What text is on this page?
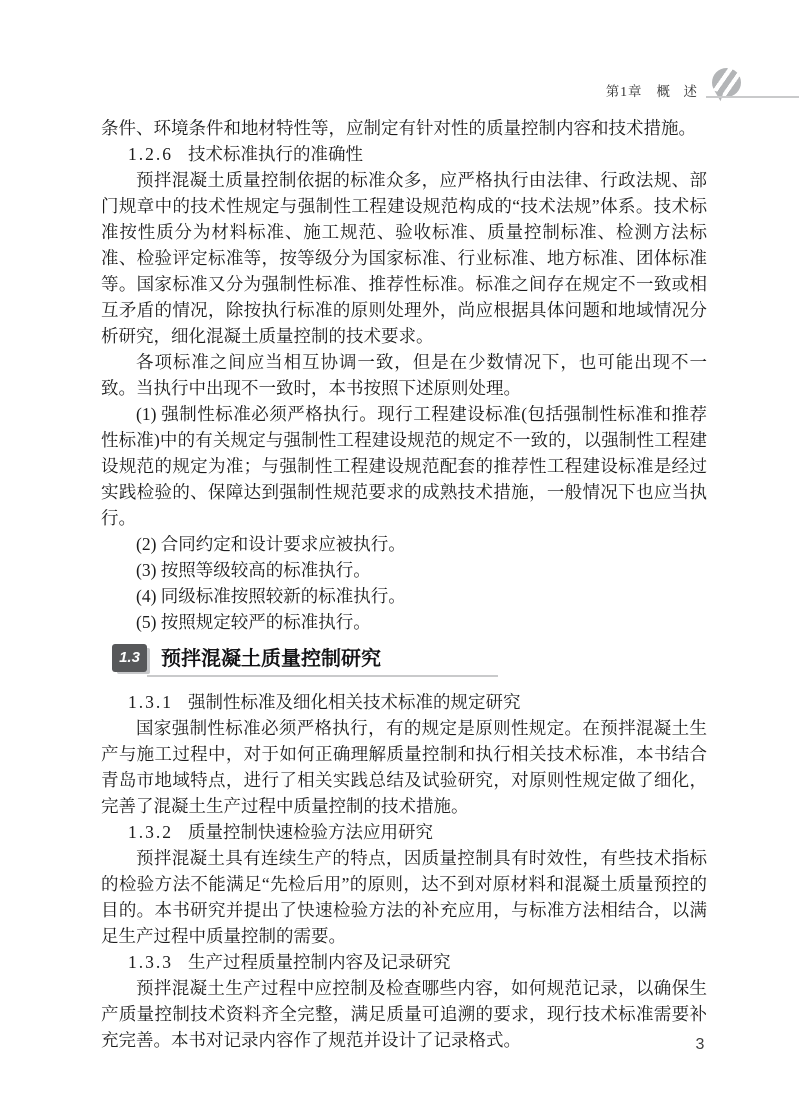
第1章 概　述

条件、环境条件和地材特性等，应制定有针对性的质量控制内容和技术措施。

1.2.6 技术标准执行的准确性

预拌混凝土质量控制依据的标准众多，应严格执行由法律、行政法规、部门规章中的技术性规定与强制性工程建设规范构成的“技术法规”体系。技术标准按性质分为材料标准、施工规范、验收标准、质量控制标准、检测方法标准、检验评定标准等，按等级分为国家标准、行业标准、地方标准、团体标准等。国家标准又分为强制性标准、推荐性标准。标准之间存在规定不一致或相互矛盾的情况，除按执行标准的原则处理外，尚应根据具体问题和地域情况分析研究，细化混凝土质量控制的技术要求。

各项标准之间应当相互协调一致，但是在少数情况下，也可能出现不一致。当执行中出现不一致时，本书按照下述原则处理。

(1) 强制性标准必须严格执行。现行工程建设标准(包括强制性标准和推荐性标准)中的有关规定与强制性工程建设规范的规定不一致的，以强制性工程建设规范的规定为准；与强制性工程建设规范配套的推荐性工程建设标准是经过实践检验的、保障达到强制性规范要求的成熟技术措施，一般情况下也应当执行。

(2) 合同约定和设计要求应被执行。

(3) 按照等级较高的标准执行。

(4) 同级标准按照较新的标准执行。

(5) 按照规定较严的标准执行。

1.3	预拌混凝土质量控制研究

1.3.1 强制性标准及细化相关技术标准的规定研究

国家强制性标准必须严格执行，有的规定是原则性规定。在预拌混凝土生产与施工过程中，对于如何正确理解质量控制和执行相关技术标准，本书结合青岛市地域特点，进行了相关实践总结及试验研究，对原则性规定做了细化，完善了混凝土生产过程中质量控制的技术措施。

1.3.2 质量控制快速检验方法应用研究

预拌混凝土具有连续生产的特点，因质量控制具有时效性，有些技术指标的检验方法不能满足“先检后用”的原则，达不到对原材料和混凝土质量预控的目的。本书研究并提出了快速检验方法的补充应用，与标准方法相结合，以满足生产过程中质量控制的需要。

1.3.3 生产过程质量控制内容及记录研究

预拌混凝土生产过程中应控制及检查哪些内容，如何规范记录，以确保生产质量控制技术资料齐全完整，满足质量可追溯的要求，现行技术标准需要补充完善。本书对记录内容作了规范并设计了记录格式。	3
